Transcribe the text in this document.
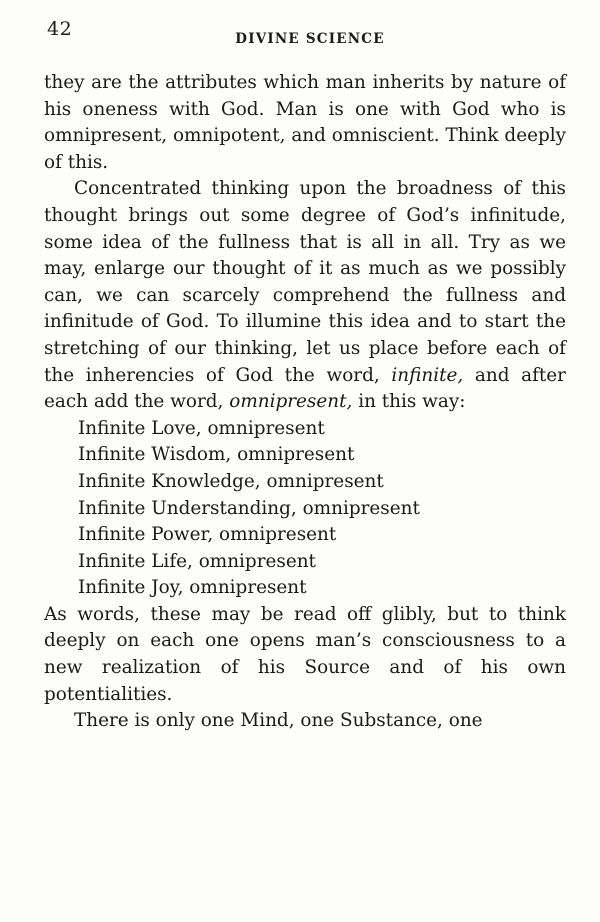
42	DIVINE SCIENCE

they are the attributes which man inherits by nature of his oneness with God. Man is one with God who is omnipresent, omnipotent, and omniscient. Think deeply of this.

Concentrated thinking upon the broadness of this thought brings out some degree of God’s infinitude, some idea of the fullness that is all in all. Try as we may, enlarge our thought of it as much as we possibly can, we can scarcely comprehend the fullness and infinitude of God. To illumine this idea and to start the stretching of our thinking, let us place before each of the inherencies of God the word, infinite, and after each add the word, omnipresent, in this way:

Infinite Love, omnipresent
Infinite Wisdom, omnipresent
Infinite Knowledge, omnipresent
Infinite Understanding, omnipresent
Infinite Power, omnipresent
Infinite Life, omnipresent
Infinite Joy, omnipresent

As words, these may be read off glibly, but to think deeply on each one opens man’s consciousness to a new realization of his Source and of his own potentialities.

There is only one Mind, one Substance, one
